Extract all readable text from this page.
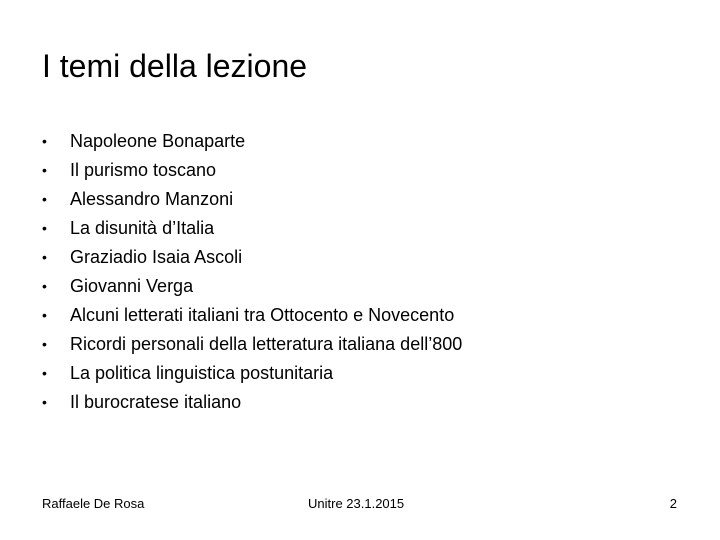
I temi della lezione
•	Napoleone Bonaparte
•	Il purismo toscano
•	Alessandro Manzoni
•	La disunità d’Italia
•	Graziadio Isaia Ascoli
•	Giovanni Verga
•	Alcuni letterati italiani tra Ottocento e Novecento
•	Ricordi personali della letteratura italiana dell’800
•	La politica linguistica postunitaria
•	Il burocratese italiano
Raffaele De Rosa	Unitre 23.1.2015	2
